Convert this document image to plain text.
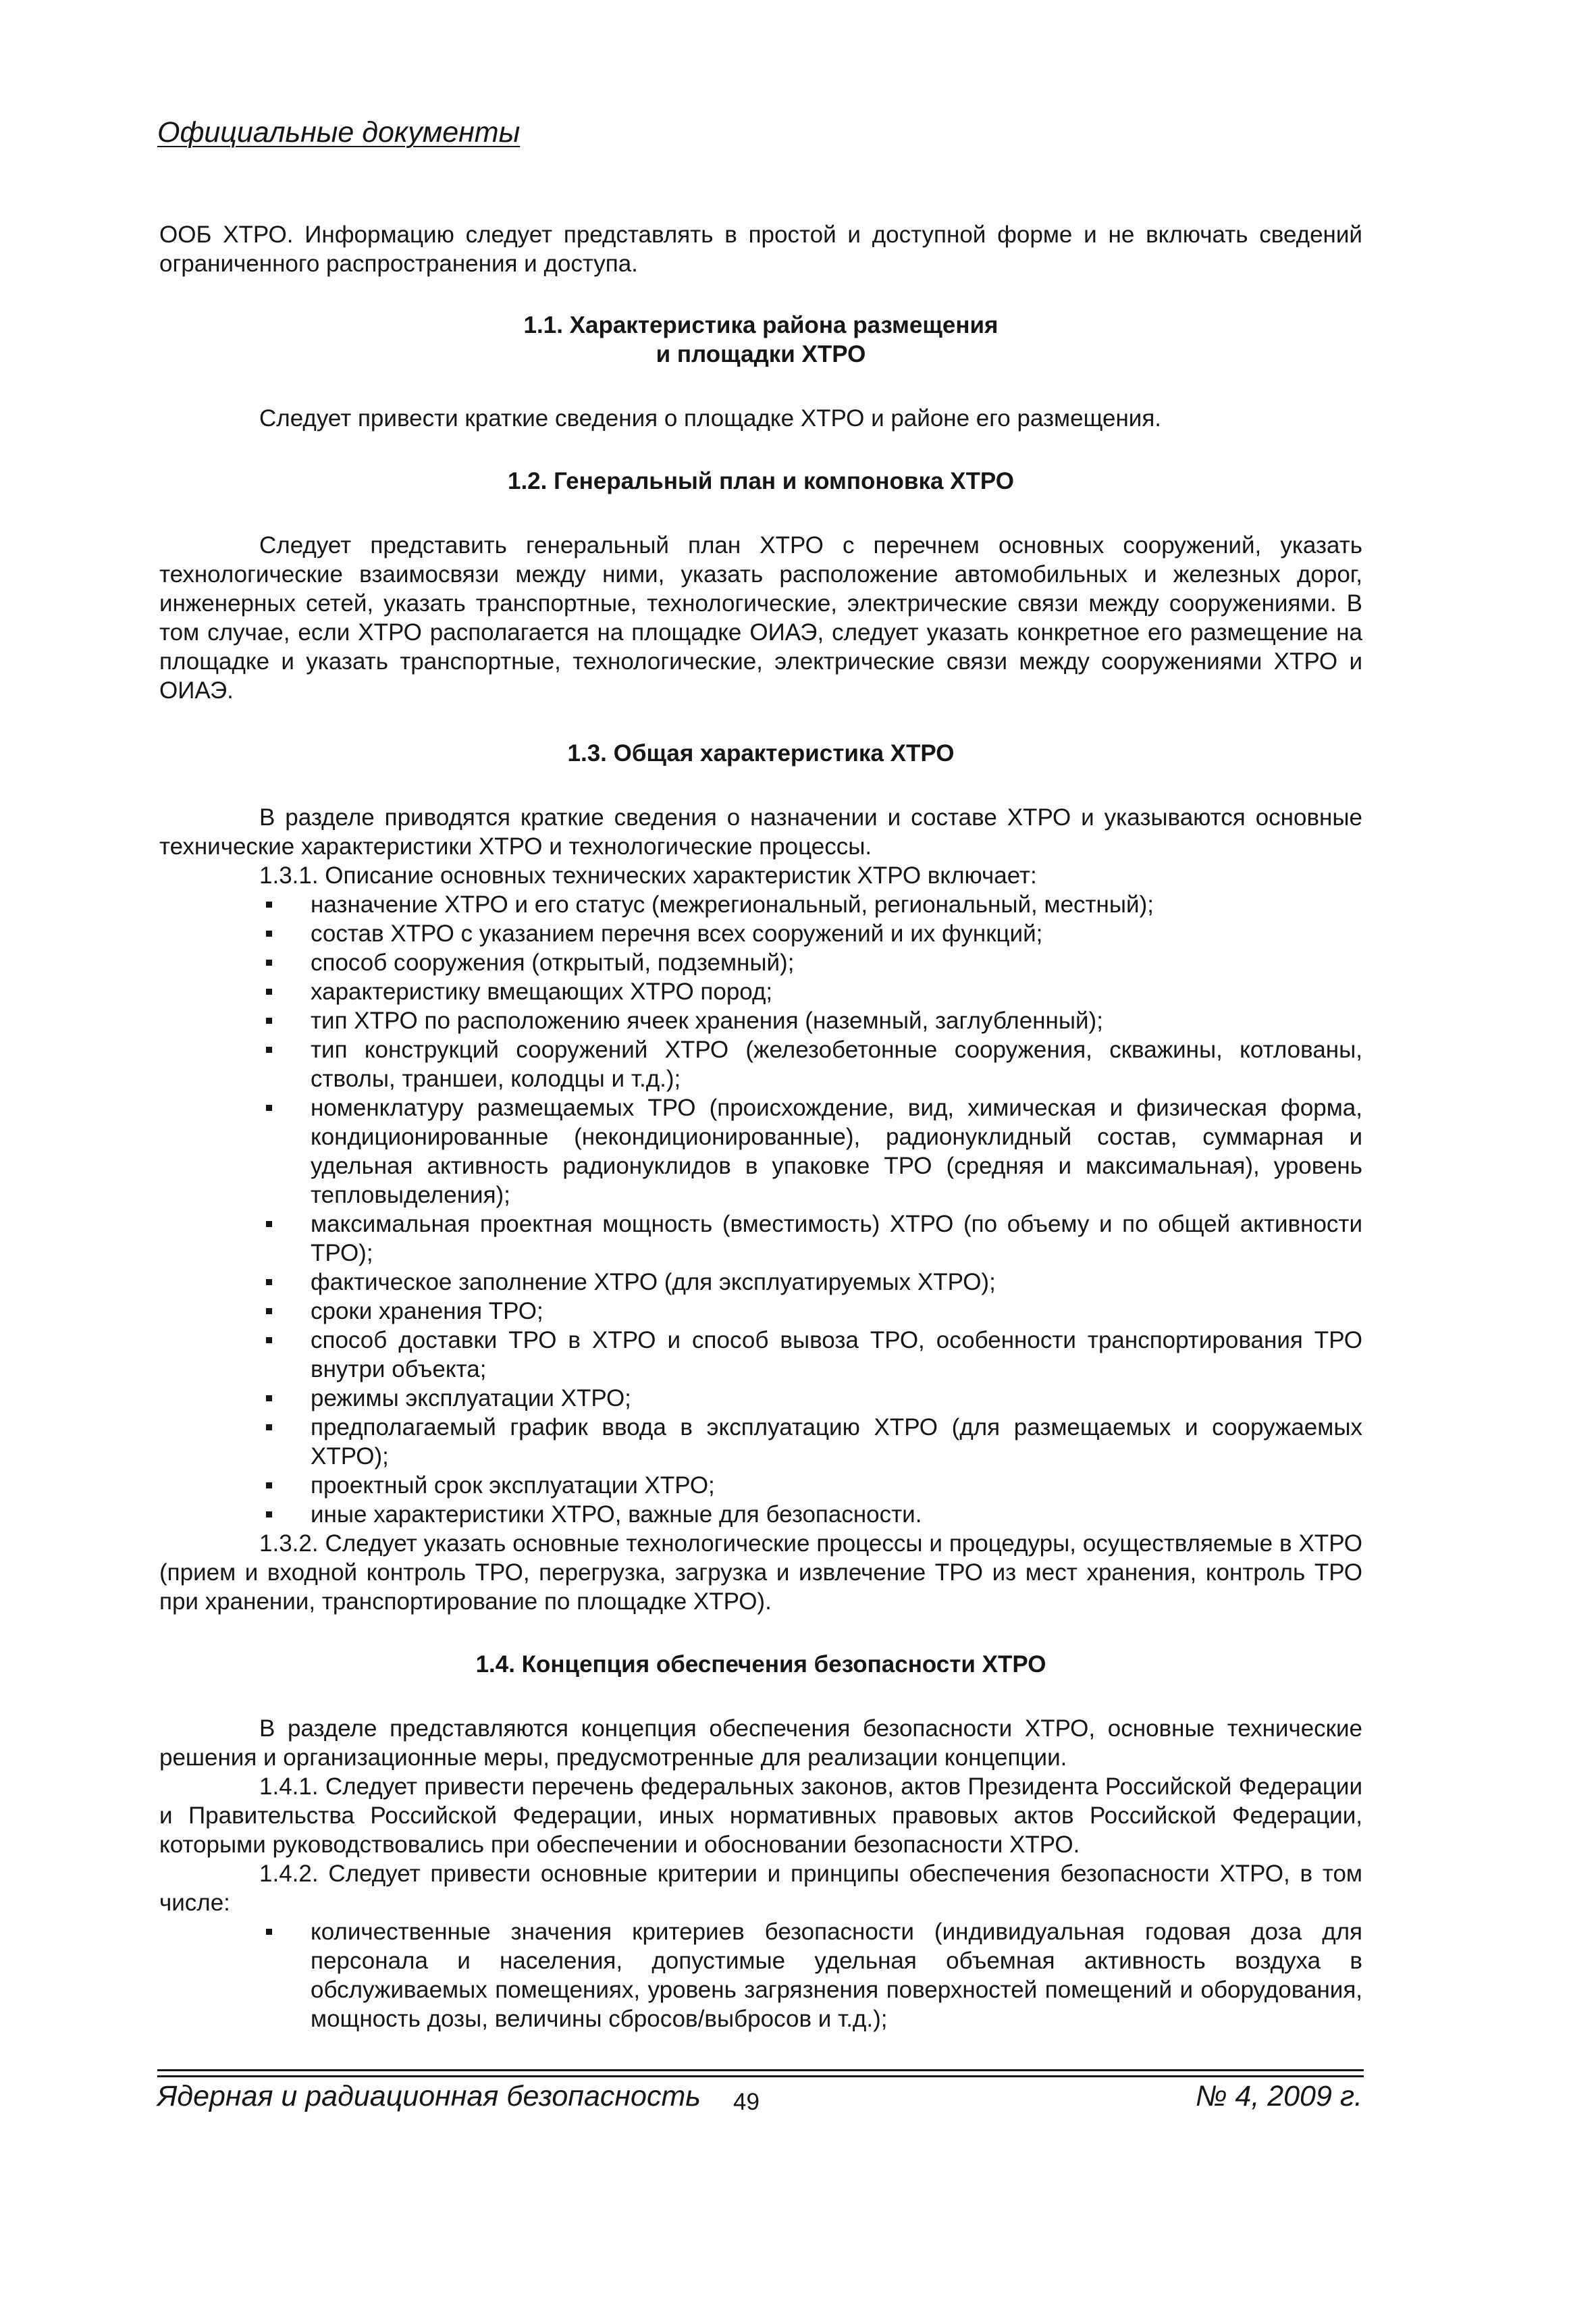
Официальные документы

ООБ ХТРО. Информацию следует представлять в простой и доступной форме и не включать сведений ограниченного распространения и доступа.

1.1. Характеристика района размещения
и площадки ХТРО

Следует привести краткие сведения о площадке ХТРО и районе его размещения.

1.2. Генеральный план и компоновка ХТРО

Следует представить генеральный план ХТРО с перечнем основных сооружений, указать технологические взаимосвязи между ними, указать расположение автомобильных и железных дорог, инженерных сетей, указать транспортные, технологические, электрические связи между сооружениями. В том случае, если ХТРО располагается на площадке ОИАЭ, следует указать конкретное его размещение на площадке и указать транспортные, технологические, электрические связи между сооружениями ХТРО и ОИАЭ.

1.3. Общая характеристика ХТРО

В разделе приводятся краткие сведения о назначении и составе ХТРО и указываются основные технические характеристики ХТРО и технологические процессы.

1.3.1. Описание основных технических характеристик ХТРО включает:

назначение ХТРО и его статус (межрегиональный, региональный, местный);
состав ХТРО с указанием перечня всех сооружений и их функций;
способ сооружения (открытый, подземный);
характеристику вмещающих ХТРО пород;
тип ХТРО по расположению ячеек хранения (наземный, заглубленный);
тип конструкций сооружений ХТРО (железобетонные сооружения, скважины, котлованы, стволы, траншеи, колодцы и т.д.);
номенклатуру размещаемых ТРО (происхождение, вид, химическая и физическая форма, кондиционированные (некондиционированные), радионуклидный состав, суммарная и удельная активность радионуклидов в упаковке ТРО (средняя и максимальная), уровень тепловыделения);
максимальная проектная мощность (вместимость) ХТРО (по объему и по общей активности ТРО);
фактическое заполнение ХТРО (для эксплуатируемых ХТРО);
сроки хранения ТРО;
способ доставки ТРО в ХТРО и способ вывоза ТРО, особенности транспортирования ТРО внутри объекта;
режимы эксплуатации ХТРО;
предполагаемый график ввода в эксплуатацию ХТРО (для размещаемых и сооружаемых ХТРО);
проектный срок эксплуатации ХТРО;
иные характеристики ХТРО, важные для безопасности.

1.3.2. Следует указать основные технологические процессы и процедуры, осуществляемые в ХТРО (прием и входной контроль ТРО, перегрузка, загрузка и извлечение ТРО из мест хранения, контроль ТРО при хранении, транспортирование по площадке ХТРО).

1.4. Концепция обеспечения безопасности ХТРО

В разделе представляются концепция обеспечения безопасности ХТРО, основные технические решения и организационные меры, предусмотренные для реализации концепции.

1.4.1. Следует привести перечень федеральных законов, актов Президента Российской Федерации и Правительства Российской Федерации, иных нормативных правовых актов Российской Федерации, которыми руководствовались при обеспечении и обосновании безопасности ХТРО.

1.4.2. Следует привести основные критерии и принципы обеспечения безопасности ХТРО, в том числе:

количественные значения критериев безопасности (индивидуальная годовая доза для персонала и населения, допустимые удельная объемная активность воздуха в обслуживаемых помещениях, уровень загрязнения поверхностей помещений и оборудования, мощность дозы, величины сбросов/выбросов и т.д.);
Ядерная и радиационная безопасность 49	№ 4, 2009 г.
